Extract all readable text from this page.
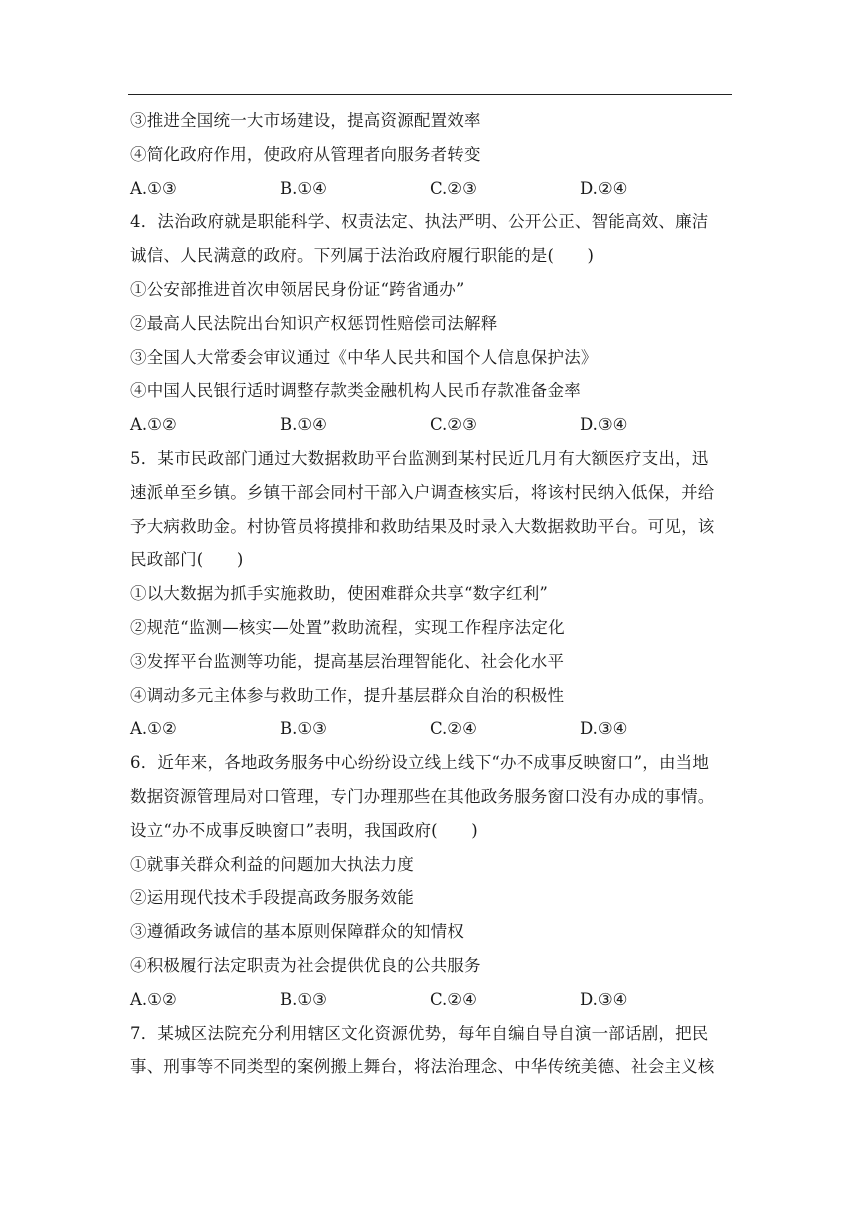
③推进全国统一大市场建设，提高资源配置效率
④简化政府作用，使政府从管理者向服务者转变
A.①③	B.①④	C.②③	D.②④
4．法治政府就是职能科学、权责法定、执法严明、公开公正、智能高效、廉洁
诚信、人民满意的政府。下列属于法治政府履行职能的是(　　)
①公安部推进首次申领居民身份证“跨省通办”
②最高人民法院出台知识产权惩罚性赔偿司法解释
③全国人大常委会审议通过《中华人民共和国个人信息保护法》
④中国人民银行适时调整存款类金融机构人民币存款准备金率
A.①②	B.①④	C.②③	D.③④
5．某市民政部门通过大数据救助平台监测到某村民近几月有大额医疗支出，迅
速派单至乡镇。乡镇干部会同村干部入户调查核实后，将该村民纳入低保，并给
予大病救助金。村协管员将摸排和救助结果及时录入大数据救助平台。可见，该
民政部门(　　)
①以大数据为抓手实施救助，使困难群众共享“数字红利”
②规范“监测—核实—处置”救助流程，实现工作程序法定化
③发挥平台监测等功能，提高基层治理智能化、社会化水平
④调动多元主体参与救助工作，提升基层群众自治的积极性
A.①②	B.①③	C.②④	D.③④
6．近年来，各地政务服务中心纷纷设立线上线下“办不成事反映窗口”，由当地
数据资源管理局对口管理，专门办理那些在其他政务服务窗口没有办成的事情。
设立“办不成事反映窗口”表明，我国政府(　　)
①就事关群众利益的问题加大执法力度
②运用现代技术手段提高政务服务效能
③遵循政务诚信的基本原则保障群众的知情权
④积极履行法定职责为社会提供优良的公共服务
A.①②	B.①③	C.②④	D.③④
7．某城区法院充分利用辖区文化资源优势，每年自编自导自演一部话剧，把民
事、刑事等不同类型的案例搬上舞台，将法治理念、中华传统美德、社会主义核
